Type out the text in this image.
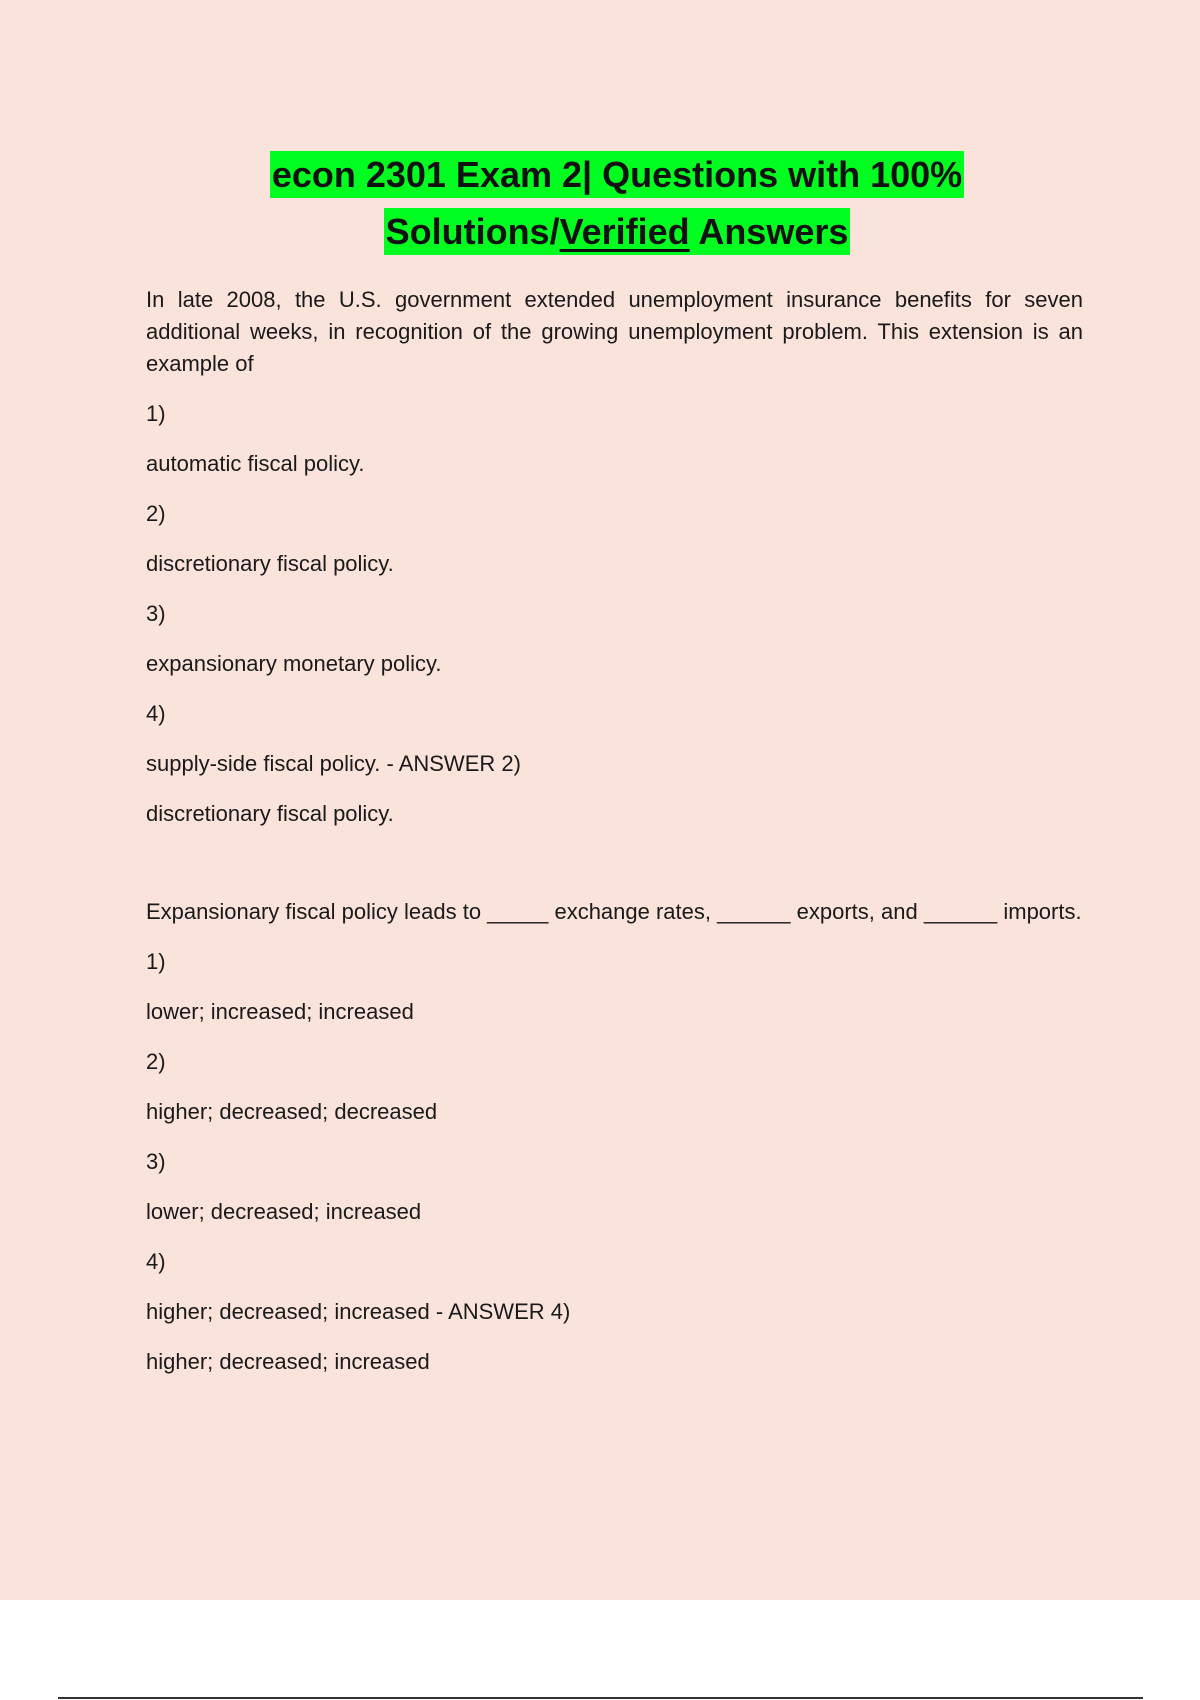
econ 2301 Exam 2| Questions with 100%
Solutions/Verified Answers

In late 2008, the U.S. government extended unemployment insurance benefits for seven additional weeks, in recognition of the growing unemployment problem. This extension is an example of

1)

automatic fiscal policy.

2)

discretionary fiscal policy.

3)

expansionary monetary policy.

4)

supply-side fiscal policy. - ANSWER 2)

discretionary fiscal policy.

Expansionary fiscal policy leads to _____ exchange rates, ______ exports, and ______ imports.

1)

lower; increased; increased

2)

higher; decreased; decreased

3)

lower; decreased; increased

4)

higher; decreased; increased - ANSWER 4)

higher; decreased; increased
